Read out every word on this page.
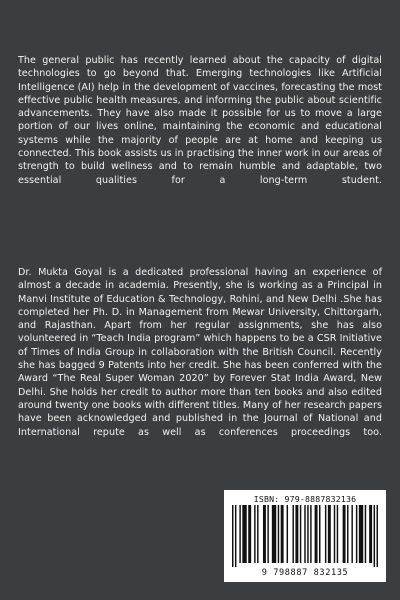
The general public has recently learned about the capacity of digital technologies to go beyond that. Emerging technologies like Artificial Intelligence (AI) help in the development of vaccines, forecasting the most effective public health measures, and informing the public about scientific advancements. They have also made it possible for us to move a large portion of our lives online, maintaining the economic and educational systems while the majority of people are at home and keeping us connected. This book assists us in practising the inner work in our areas of strength to build wellness and to remain humble and adaptable, two essential qualities for a long-term student.

Dr. Mukta Goyal is a dedicated professional having an experience of almost a decade in academia. Presently, she is working as a Principal in Manvi Institute of Education & Technology, Rohini, and New Delhi .She has completed her Ph. D. in Management from Mewar University, Chittorgarh, and Rajasthan. Apart from her regular assignments, she has also volunteered in “Teach India program” which happens to be a CSR Initiative of Times of India Group in collaboration with the British Council. Recently she has bagged 9 Patents into her credit. She has been conferred with the Award “The Real Super Woman 2020” by Forever Stat India Award, New Delhi. She holds her credit to author more than ten books and also edited around twenty one books with different titles. Many of her research papers have been acknowledged and published in the Journal of National and International repute as well as conferences proceedings too.

ISBN: 979-8887832136
9 798887 832135
